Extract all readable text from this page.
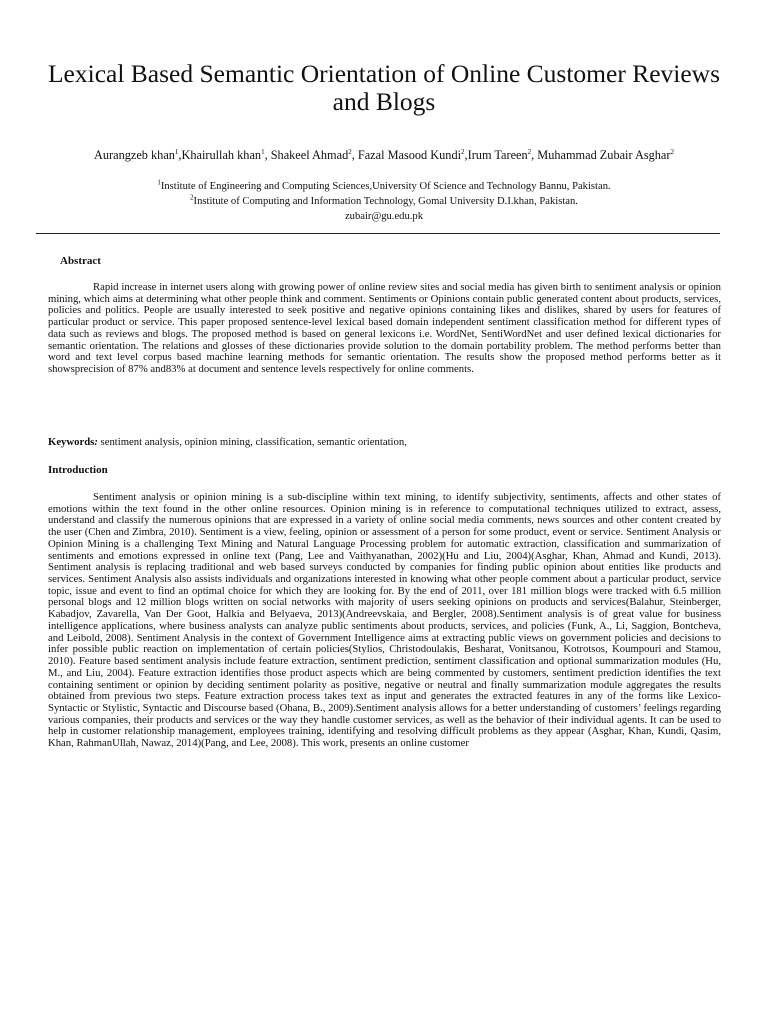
Lexical Based Semantic Orientation of Online Customer Reviews and Blogs

Aurangzeb khan$^1$,Khairullah khan$^1$, Shakeel Ahmad$^2$, Fazal Masood Kundi$^2$,Irum Tareen$^2$, Muhammad Zubair Asghar$^2$

$^1$Institute of Engineering and Computing Sciences,University Of Science and Technology Bannu, Pakistan.

$^2$Institute of Computing and Information Technology, Gomal University D.I.khan, Pakistan.

zubair@gu.edu.pk

Abstract

Rapid increase in internet users along with growing power of online review sites and social media has given birth to sentiment analysis or opinion mining, which aims at determining what other people think and comment. Sentiments or Opinions contain public generated content about products, services, policies and politics. People are usually interested to seek positive and negative opinions containing likes and dislikes, shared by users for features of particular product or service. This paper proposed sentence-level lexical based domain independent sentiment classification method for different types of data such as reviews and blogs. The proposed method is based on general lexicons i.e. WordNet, SentiWordNet and user defined lexical dictionaries for semantic orientation. The relations and glosses of these dictionaries provide solution to the domain portability problem. The method performs better than word and text level corpus based machine learning methods for semantic orientation. The results show the proposed method performs better as it showsprecision of 87% and83% at document and sentence levels respectively for online comments.

Keywords: sentiment analysis, opinion mining, classification, semantic orientation,

Introduction

Sentiment analysis or opinion mining is a sub-discipline within text mining, to identify subjectivity, sentiments, affects and other states of emotions within the text found in the other online resources. Opinion mining is in reference to computational techniques utilized to extract, assess, understand and classify the numerous opinions that are expressed in a variety of online social media comments, news sources and other content created by the user (Chen and Zimbra, 2010). Sentiment is a view, feeling, opinion or assessment of a person for some product, event or service. Sentiment Analysis or Opinion Mining is a challenging Text Mining and Natural Language Processing problem for automatic extraction, classification and summarization of sentiments and emotions expressed in online text (Pang, Lee and Vaithyanathan, 2002)(Hu and Liu, 2004)(Asghar, Khan, Ahmad and Kundi, 2013). Sentiment analysis is replacing traditional and web based surveys conducted by companies for finding public opinion about entities like products and services. Sentiment Analysis also assists individuals and organizations interested in knowing what other people comment about a particular product, service topic, issue and event to find an optimal choice for which they are looking for. By the end of 2011, over 181 million blogs were tracked with 6.5 million personal blogs and 12 million blogs written on social networks with majority of users seeking opinions on products and services(Balahur, Steinberger, Kabadjov, Zavarella, Van Der Goot, Halkia and Belyaeva, 2013)(Andreevskaia, and Bergler, 2008).Sentiment analysis is of great value for business intelligence applications, where business analysts can analyze public sentiments about products, services, and policies (Funk, A., Li, Saggion, Bontcheva, and Leibold, 2008). Sentiment Analysis in the context of Government Intelligence aims at extracting public views on government policies and decisions to infer possible public reaction on implementation of certain policies(Stylios, Christodoulakis, Besharat, Vonitsanou, Kotrotsos, Koumpouri and Stamou, 2010). Feature based sentiment analysis include feature extraction, sentiment prediction, sentiment classification and optional summarization modules (Hu, M., and Liu, 2004). Feature extraction identifies those product aspects which are being commented by customers, sentiment prediction identifies the text containing sentiment or opinion by deciding sentiment polarity as positive, negative or neutral and finally summarization module aggregates the results obtained from previous two steps. Feature extraction process takes text as input and generates the extracted features in any of the forms like Lexico-Syntactic or Stylistic, Syntactic and Discourse based (Ohana, B., 2009).Sentiment analysis allows for a better understanding of customers’ feelings regarding various companies, their products and services or the way they handle customer services, as well as the behavior of their individual agents. It can be used to help in customer relationship management, employees training, identifying and resolving difficult problems as they appear (Asghar, Khan, Kundi, Qasim, Khan, RahmanUllah, Nawaz, 2014)(Pang, and Lee, 2008). This work, presents an online customer
